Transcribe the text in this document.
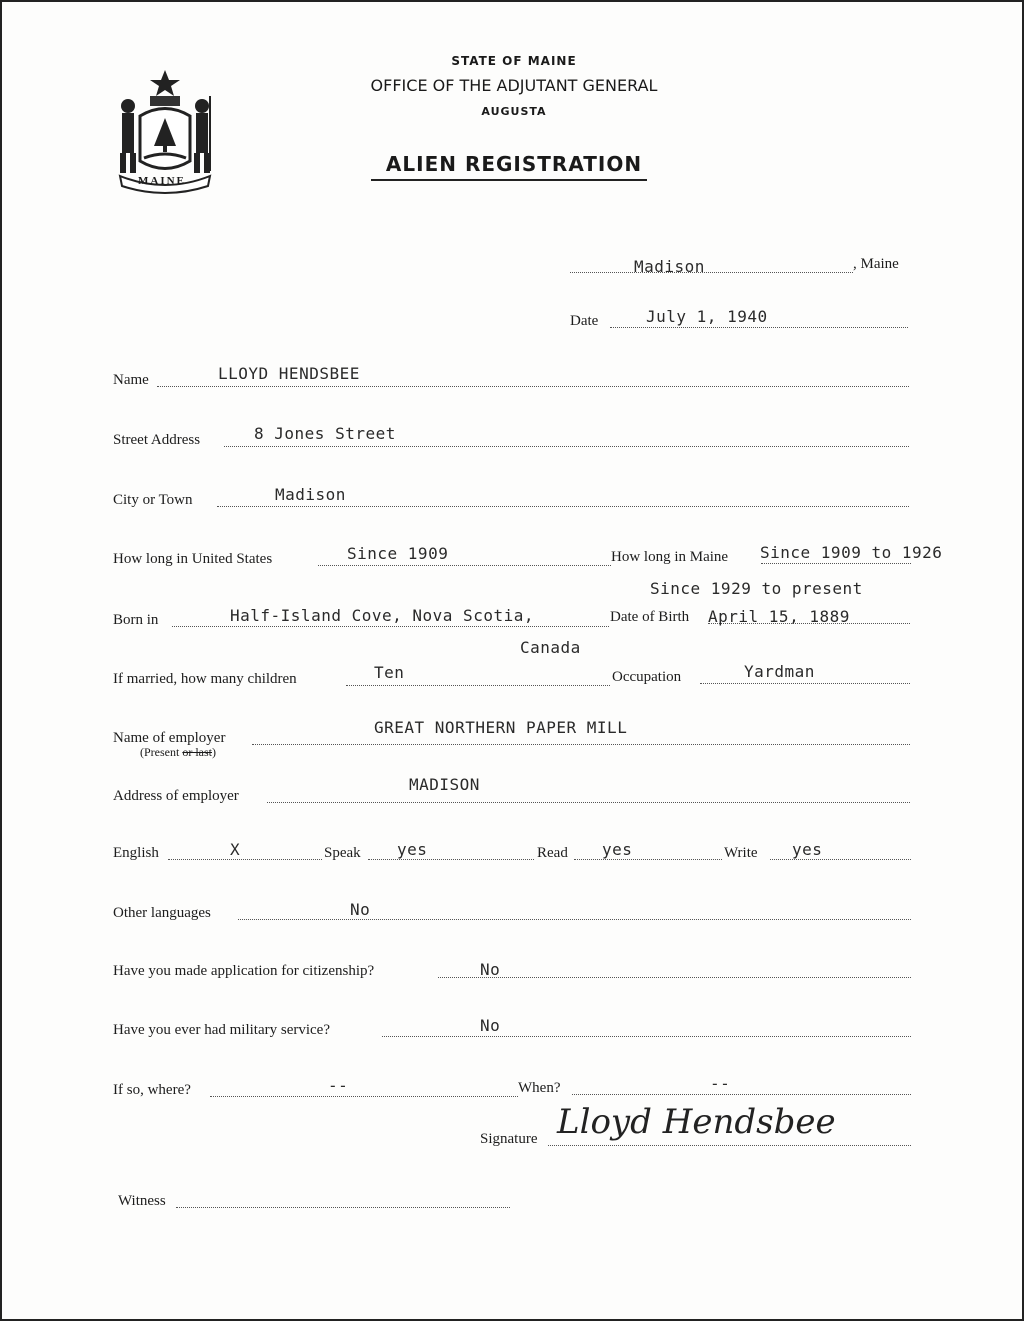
MAINE
STATE OF MAINE
OFFICE OF THE ADJUTANT GENERAL
AUGUSTA
ALIEN REGISTRATION
Madison	, Maine
Date	July 1, 1940
Name	LLOYD HENDSBEE
Street Address	8 Jones Street
City or Town	Madison
How long in United States	Since 1909	How long in Maine Since 1909 to 1926
Since 1929 to present
Born in	Half-Island Cove, Nova Scotia,
Canada
Date of Birth April 15, 1889
If married, how many children	Ten	Occupation	Yardman
Name of employer
GREAT NORTHERN PAPER MILL
(Present or last)
Address of employer
MADISON
English	X	Speak yes	Read yes	Write yes
Other languages	No
Have you made application for citizenship?	No
Have you ever had military service?	No
If so, where?	--	When?	--
Signature Lloyd Hendsbee
Witness
